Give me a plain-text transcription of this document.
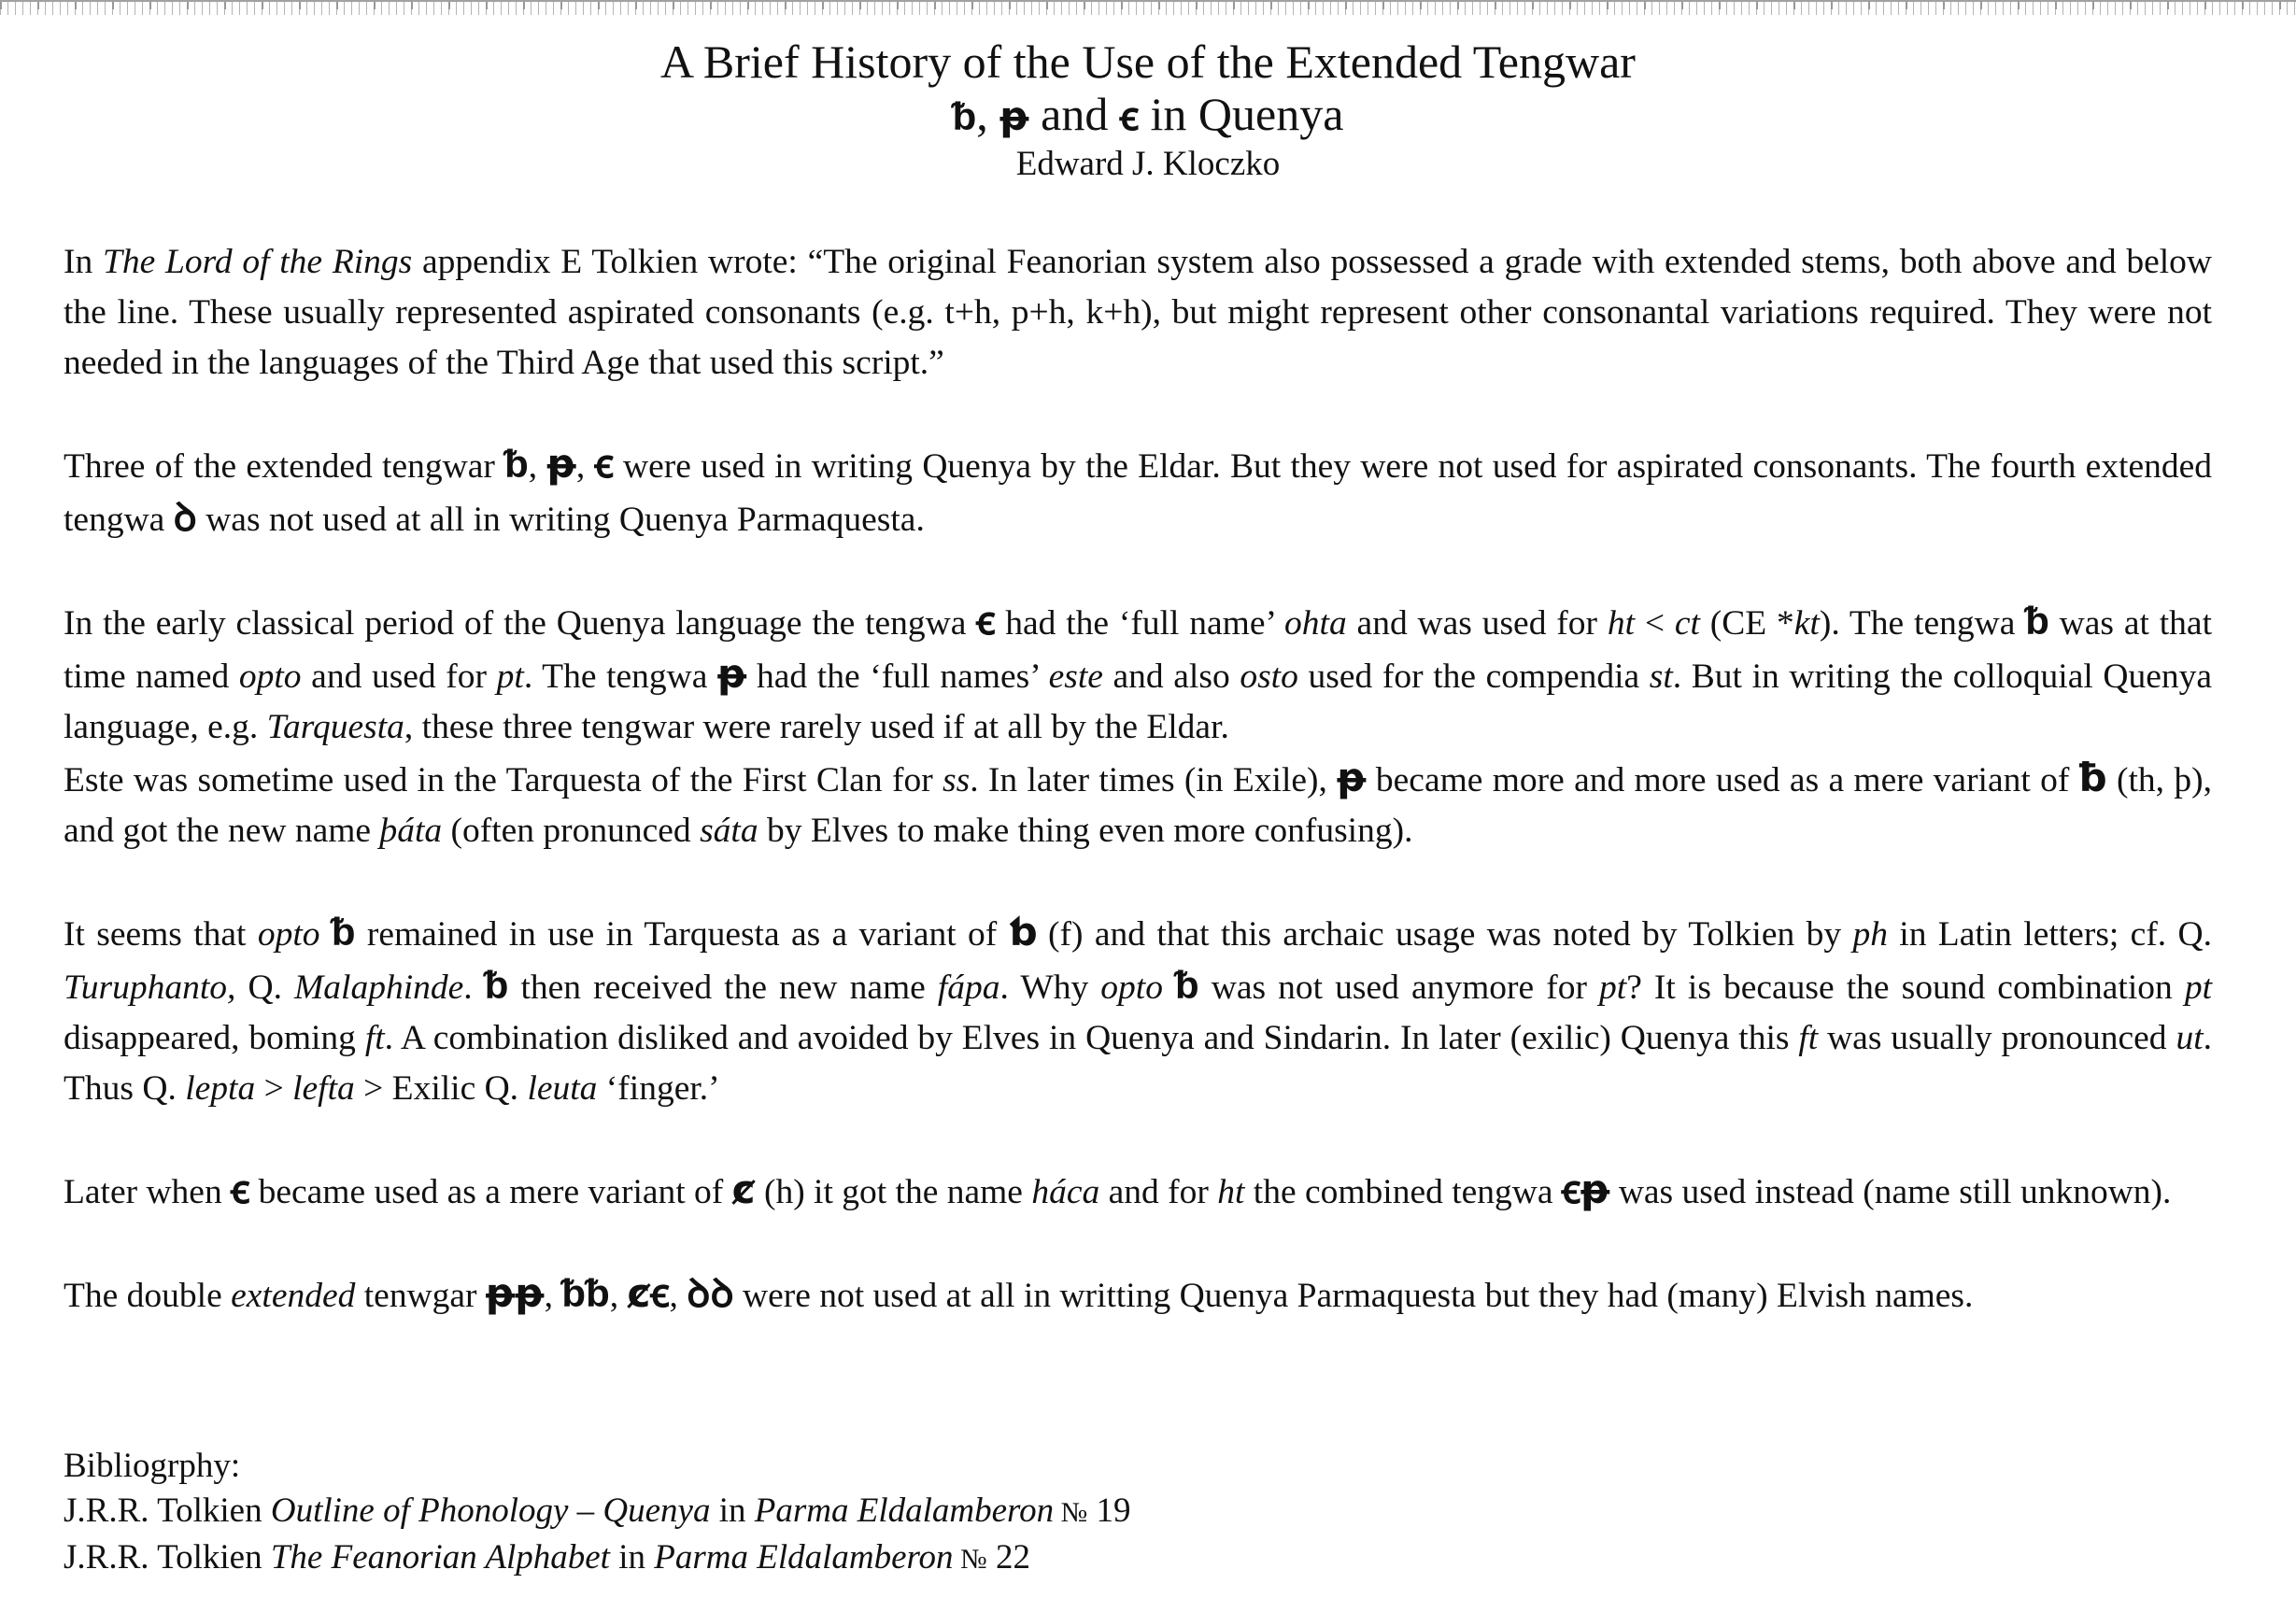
A Brief History of the Use of the Extended Tengwar

ᵬ, ᵽ and ꞓ in Quenya

Edward J. Kloczko

In The Lord of the Rings appendix E Tolkien wrote: “The original Feanorian system also possessed a grade with extended stems, both above and below the line. These usually represented aspirated consonants (e.g. t+h, p+h, k+h), but might represent other consonantal variations required. They were not needed in the languages of the Third Age that used this script.”

Three of the extended tengwar ᵬ, ᵽ, ꞓ were used in writing Quenya by the Eldar. But they were not used for aspirated consonants. The fourth extended tengwa ꝺ was not used at all in writing Quenya Parmaquesta.

In the early classical period of the Quenya language the tengwa ꞓ had the ‘full name’ ohta and was used for ht < ct (CE *kt). The tengwa ᵬ was at that time named opto and used for pt. The tengwa ᵽ had the ‘full names’ este and also osto used for the compendia st. But in writing the colloquial Quenya language, e.g. Tarquesta, these three tengwar were rarely used if at all by the Eldar.
Este was sometime used in the Tarquesta of the First Clan for ss. In later times (in Exile), ᵽ became more and more used as a mere variant of ƀ (th, þ), and got the new name þáta (often pronunced sáta by Elves to make thing even more confusing).

It seems that opto ᵬ remained in use in Tarquesta as a variant of ƅ (f) and that this archaic usage was noted by Tolkien by ph in Latin letters; cf. Q. Turuphanto, Q. Malaphinde. ᵬ then received the new name fápa. Why opto ᵬ was not used anymore for pt? It is because the sound combination pt disappeared, boming ft. A combination disliked and avoided by Elves in Quenya and Sindarin. In later (exilic) Quenya this ft was usually pronounced ut. Thus Q. lepta > lefta > Exilic Q. leuta ‘finger.’

Later when ꞓ became used as a mere variant of ȼ (h) it got the name háca and for ht the combined tengwa ꞓᵽ was used instead (name still unknown).

The double extended tenwgar ᵽᵽ, ᵬᵬ, ȼꞓ, ꝺꝺ were not used at all in writting Quenya Parmaquesta but they had (many) Elvish names.

Bibliogrphy:

J.R.R. Tolkien Outline of Phonology – Quenya in Parma Eldalamberon № 19

J.R.R. Tolkien The Feanorian Alphabet in Parma Eldalamberon № 22
